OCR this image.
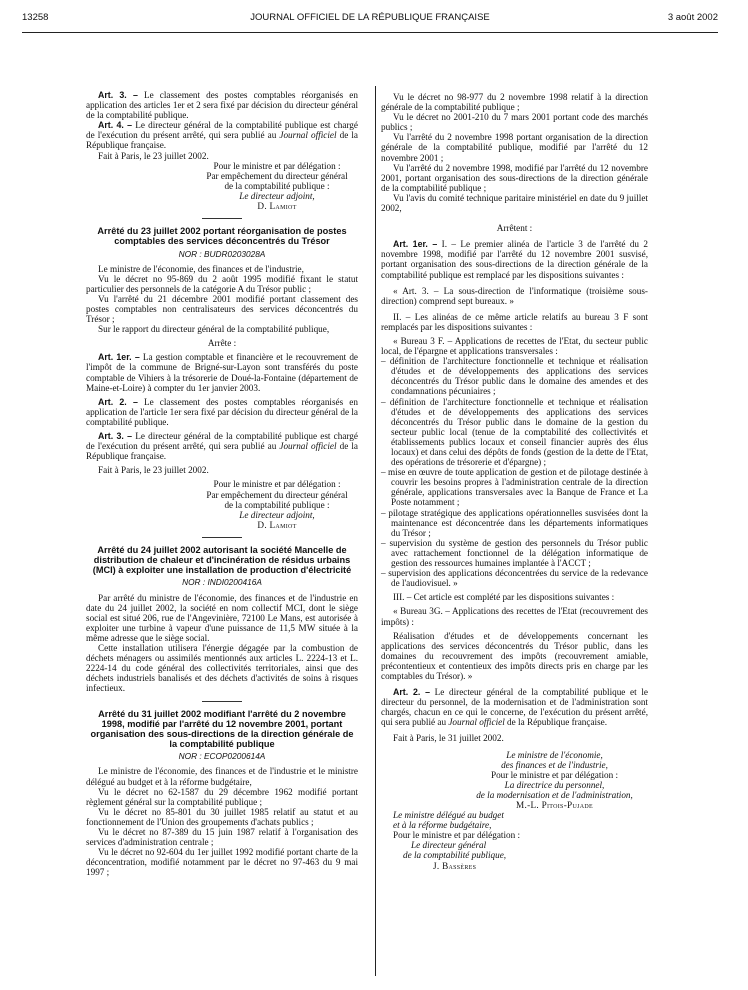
13258	JOURNAL OFFICIEL DE LA RÉPUBLIQUE FRANÇAISE	3 août 2002

Art. 3. – Le classement des postes comptables réorganisés en application des articles 1er et 2 sera fixé par décision du directeur général de la comptabilité publique.

Art. 4. – Le directeur général de la comptabilité publique est chargé de l'exécution du présent arrêté, qui sera publié au Journal officiel de la République française.

Fait à Paris, le 23 juillet 2002.

Pour le ministre et par délégation :
Par empêchement du directeur général
de la comptabilité publique :
Le directeur adjoint,
D. Lamiot

Arrêté du 23 juillet 2002 portant réorganisation de postes comptables des services déconcentrés du Trésor

NOR : BUDR0203028A

Le ministre de l'économie, des finances et de l'industrie,

Vu le décret no 95-869 du 2 août 1995 modifié fixant le statut particulier des personnels de la catégorie A du Trésor public ;

Vu l'arrêté du 21 décembre 2001 modifié portant classement des postes comptables non centralisateurs des services déconcentrés du Trésor ;

Sur le rapport du directeur général de la comptabilité publique,

Arrête :

Art. 1er. – La gestion comptable et financière et le recouvrement de l'impôt de la commune de Brigné-sur-Layon sont transférés du poste comptable de Vihiers à la trésorerie de Doué-la-Fontaine (département de Maine-et-Loire) à compter du 1er janvier 2003.

Art. 2. – Le classement des postes comptables réorganisés en application de l'article 1er sera fixé par décision du directeur général de la comptabilité publique.

Art. 3. – Le directeur général de la comptabilité publique est chargé de l'exécution du présent arrêté, qui sera publié au Journal officiel de la République française.

Fait à Paris, le 23 juillet 2002.

Pour le ministre et par délégation :
Par empêchement du directeur général
de la comptabilité publique :
Le directeur adjoint,
D. Lamiot

Arrêté du 24 juillet 2002 autorisant la société Mancelle de distribution de chaleur et d'incinération de résidus urbains (MCI) à exploiter une installation de production d'électricité

NOR : INDI0200416A

Par arrêté du ministre de l'économie, des finances et de l'industrie en date du 24 juillet 2002, la société en nom collectif MCI, dont le siège social est situé 206, rue de l'Angevinière, 72100 Le Mans, est autorisée à exploiter une turbine à vapeur d'une puissance de 11,5 MW située à la même adresse que le siège social.

Cette installation utilisera l'énergie dégagée par la combustion de déchets ménagers ou assimilés mentionnés aux articles L. 2224-13 et L. 2224-14 du code général des collectivités territoriales, ainsi que des déchets industriels banalisés et des déchets d'activités de soins à risques infectieux.

Arrêté du 31 juillet 2002 modifiant l'arrêté du 2 novembre 1998, modifié par l'arrêté du 12 novembre 2001, portant organisation des sous-directions de la direction générale de la comptabilité publique

NOR : ECOP0200614A

Le ministre de l'économie, des finances et de l'industrie et le ministre délégué au budget et à la réforme budgétaire,

Vu le décret no 62-1587 du 29 décembre 1962 modifié portant règlement général sur la comptabilité publique ;

Vu le décret no 85-801 du 30 juillet 1985 relatif au statut et au fonctionnement de l'Union des groupements d'achats publics ;

Vu le décret no 87-389 du 15 juin 1987 relatif à l'organisation des services d'administration centrale ;

Vu le décret no 92-604 du 1er juillet 1992 modifié portant charte de la déconcentration, modifié notamment par le décret no 97-463 du 9 mai 1997 ;

Vu le décret no 98-977 du 2 novembre 1998 relatif à la direction générale de la comptabilité publique ;

Vu le décret no 2001-210 du 7 mars 2001 portant code des marchés publics ;

Vu l'arrêté du 2 novembre 1998 portant organisation de la direction générale de la comptabilité publique, modifié par l'arrêté du 12 novembre 2001 ;

Vu l'arrêté du 2 novembre 1998, modifié par l'arrêté du 12 novembre 2001, portant organisation des sous-directions de la direction générale de la comptabilité publique ;

Vu l'avis du comité technique paritaire ministériel en date du 9 juillet 2002,

Arrêtent :

Art. 1er. – I. – Le premier alinéa de l'article 3 de l'arrêté du 2 novembre 1998, modifié par l'arrêté du 12 novembre 2001 susvisé, portant organisation des sous-directions de la direction générale de la comptabilité publique est remplacé par les dispositions suivantes :

« Art. 3. – La sous-direction de l'informatique (troisième sous-direction) comprend sept bureaux. »

II. – Les alinéas de ce même article relatifs au bureau 3 F sont remplacés par les dispositions suivantes :

« Bureau 3 F. – Applications de recettes de l'Etat, du secteur public local, de l'épargne et applications transversales :

– définition de l'architecture fonctionnelle et technique et réalisation d'études et de développements des applications des services déconcentrés du Trésor public dans le domaine des amendes et des condamnations pécuniaires ;

– définition de l'architecture fonctionnelle et technique et réalisation d'études et de développements des applications des services déconcentrés du Trésor public dans le domaine de la gestion du secteur public local (tenue de la comptabilité des collectivités et établissements publics locaux et conseil financier auprès des élus locaux) et dans celui des dépôts de fonds (gestion de la dette de l'Etat, des opérations de trésorerie et d'épargne) ;

– mise en œuvre de toute application de gestion et de pilotage destinée à couvrir les besoins propres à l'administration centrale de la direction générale, applications transversales avec la Banque de France et La Poste notamment ;

– pilotage stratégique des applications opérationnelles susvisées dont la maintenance est déconcentrée dans les départements informatiques du Trésor ;

– supervision du système de gestion des personnels du Trésor public avec rattachement fonctionnel de la délégation informatique de gestion des ressources humaines implantée à l'ACCT ;

– supervision des applications déconcentrées du service de la redevance de l'audiovisuel. »

III. – Cet article est complété par les dispositions suivantes :

« Bureau 3G. – Applications des recettes de l'Etat (recouvrement des impôts) :

Réalisation d'études et de développements concernant les applications des services déconcentrés du Trésor public, dans les domaines du recouvrement des impôts (recouvrement amiable, précontentieux et contentieux des impôts directs pris en charge par les comptables du Trésor). »

Art. 2. – Le directeur général de la comptabilité publique et le directeur du personnel, de la modernisation et de l'administration sont chargés, chacun en ce qui le concerne, de l'exécution du présent arrêté, qui sera publié au Journal officiel de la République française.

Fait à Paris, le 31 juillet 2002.

Le ministre de l'économie,
des finances et de l'industrie,
Pour le ministre et par délégation :
La directrice du personnel,
de la modernisation et de l'administration,
M.-L. Pitois-Pujade
Le ministre délégué au budget
et à la réforme budgétaire,
Pour le ministre et par délégation :
Le directeur général
de la comptabilité publique,
J. Bassères
